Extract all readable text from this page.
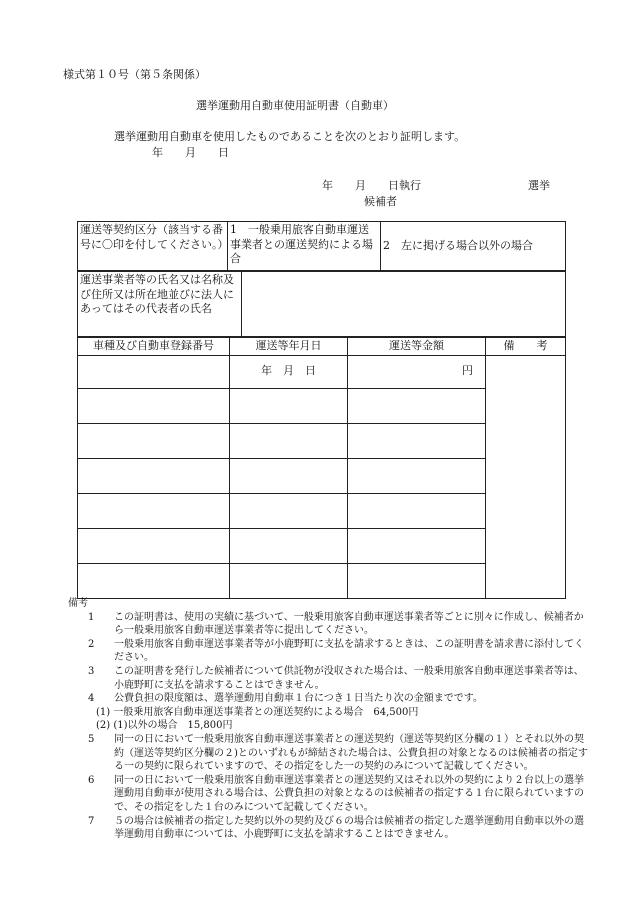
様式第１０号（第５条関係）
選挙運動用自動車使用証明書（自動車）
選挙運動用自動車を使用したものであることを次のとおり証明します。
年　　月　　日
年　　月　　日執行	選挙
候補者
運送等契約区分（該当する番号に〇印を付してください。）	1　一般乗用旅客自動車運送事業者との運送契約による場合	2　左に掲げる場合以外の場合
運送事業者等の氏名又は名称及び住所又は所在地並びに法人にあってはその代表者の氏名	
車種及び自動車登録番号	運送等年月日	運送等金額	備　　考
	年　月　日	円	

備考
1	この証明書は、使用の実績に基づいて、一般乗用旅客自動車運送事業者等ごとに別々に作成し、候補者から一般乗用旅客自動車運送事業者等に提出してください。
2	一般乗用旅客自動車運送事業者等が小鹿野町に支払を請求するときは、この証明書を請求書に添付してください。
3	この証明書を発行した候補者について供託物が没収された場合は、一般乗用旅客自動車運送事業者等は、小鹿野町に支払を請求することはできません。
4	公費負担の限度額は、選挙運動用自動車１台につき１日当たり次の金額までです。
(1) 一般乗用旅客自動車運送事業者との運送契約による場合　64,500円
(2) (1)以外の場合　15,800円
5	同一の日において一般乗用旅客自動車運送事業者との運送契約（運送等契約区分欄の１）とそれ以外の契約（運送等契約区分欄の２)とのいずれもが締結された場合は、公費負担の対象となるのは候補者の指定する一の契約に限られていますので、その指定をした一の契約のみについて記載してください。
6	同一の日において一般乗用旅客自動車運送事業者との運送契約又はそれ以外の契約により２台以上の選挙運動用自動車が使用される場合は、公費負担の対象となるのは候補者の指定する１台に限られていますので、その指定をした１台のみについて記載してください。
7	５の場合は候補者の指定した契約以外の契約及び６の場合は候補者の指定した選挙運動用自動車以外の選挙運動用自動車については、小鹿野町に支払を請求することはできません。
